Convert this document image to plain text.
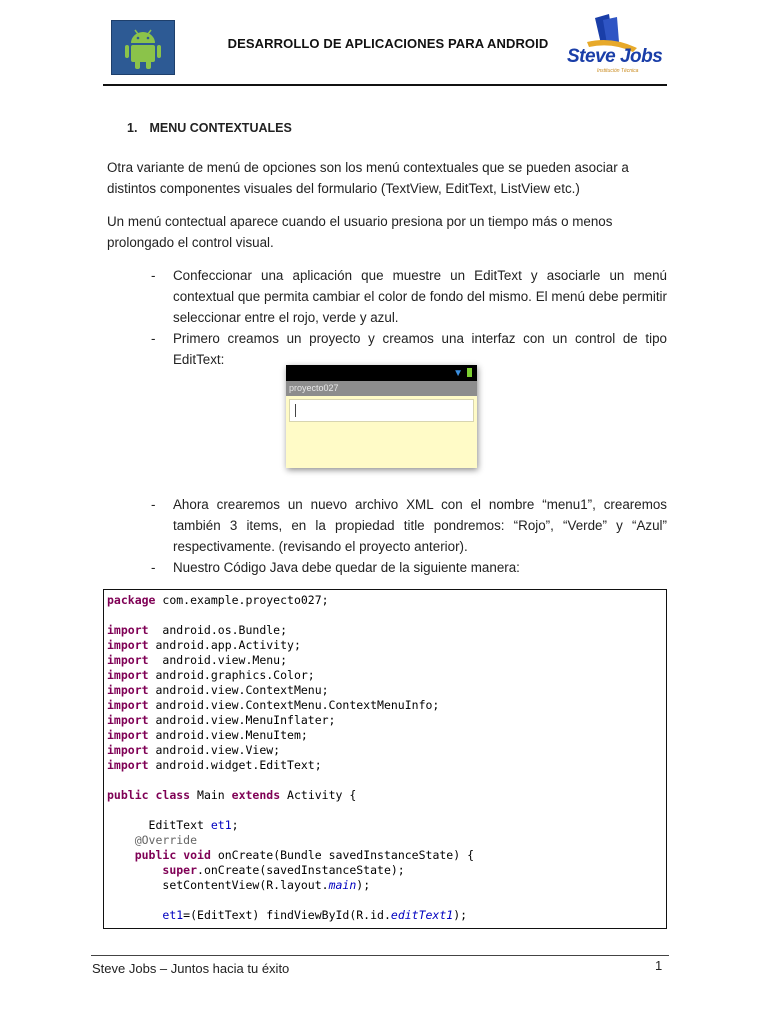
DESARROLLO DE APLICACIONES PARA ANDROID
Steve Jobs
Institución Técnica
1. MENU CONTEXTUALES

Otra variante de menú de opciones son los menú contextuales que se pueden asociar a distintos componentes visuales del formulario (TextView, EditText, ListView etc.)

Un menú contectual aparece cuando el usuario presiona por un tiempo más o menos prolongado el control visual.

- Confeccionar una aplicación que muestre un EditText y asociarle un menú contextual que permita cambiar el color de fondo del mismo. El menú debe permitir seleccionar entre el rojo, verde y azul.
- Primero creamos un proyecto y creamos una interfaz con un control de tipo EditText:
▼
proyecto027
- Ahora crearemos un nuevo archivo XML con el nombre “menu1”, crearemos también 3 items, en la propiedad title pondremos: “Rojo”, “Verde” y “Azul” respectivamente. (revisando el proyecto anterior).
- Nuestro Código Java debe quedar de la siguiente manera:
package com.example.proyecto027;

import  android.os.Bundle;
import android.app.Activity;
import  android.view.Menu;
import android.graphics.Color;
import android.view.ContextMenu;
import android.view.ContextMenu.ContextMenuInfo;
import android.view.MenuInflater;
import android.view.MenuItem;
import android.view.View;
import android.widget.EditText;

public class Main extends Activity {

EditText et1;
@Override
public void onCreate(Bundle savedInstanceState) {
super.onCreate(savedInstanceState);
setContentView(R.layout.main);

et1=(EditText) findViewById(R.id.editText1);
Steve Jobs – Juntos hacia tu éxito	1
